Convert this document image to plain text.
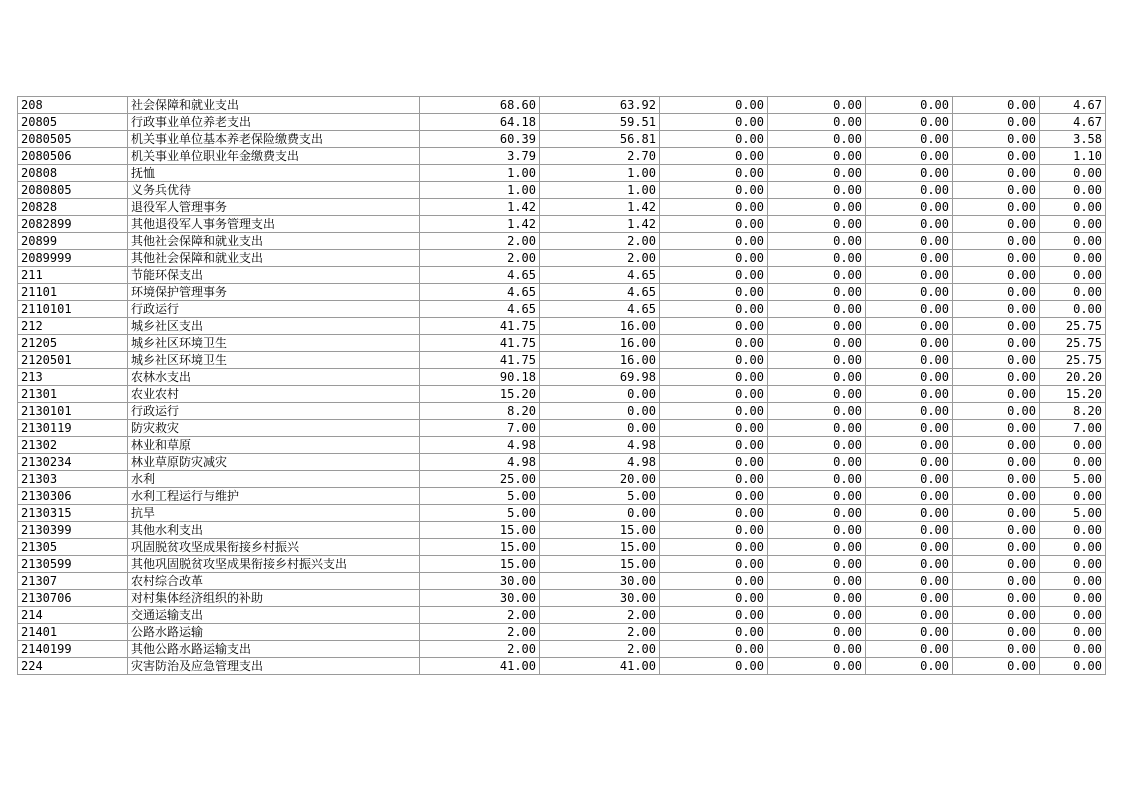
208	社会保障和就业支出	68.60	63.92	0.00	0.00	0.00	0.00	4.67
20805	行政事业单位养老支出	64.18	59.51	0.00	0.00	0.00	0.00	4.67
2080505	机关事业单位基本养老保险缴费支出	60.39	56.81	0.00	0.00	0.00	0.00	3.58
2080506	机关事业单位职业年金缴费支出	3.79	2.70	0.00	0.00	0.00	0.00	1.10
20808	抚恤	1.00	1.00	0.00	0.00	0.00	0.00	0.00
2080805	义务兵优待	1.00	1.00	0.00	0.00	0.00	0.00	0.00
20828	退役军人管理事务	1.42	1.42	0.00	0.00	0.00	0.00	0.00
2082899	其他退役军人事务管理支出	1.42	1.42	0.00	0.00	0.00	0.00	0.00
20899	其他社会保障和就业支出	2.00	2.00	0.00	0.00	0.00	0.00	0.00
2089999	其他社会保障和就业支出	2.00	2.00	0.00	0.00	0.00	0.00	0.00
211	节能环保支出	4.65	4.65	0.00	0.00	0.00	0.00	0.00
21101	环境保护管理事务	4.65	4.65	0.00	0.00	0.00	0.00	0.00
2110101	行政运行	4.65	4.65	0.00	0.00	0.00	0.00	0.00
212	城乡社区支出	41.75	16.00	0.00	0.00	0.00	0.00	25.75
21205	城乡社区环境卫生	41.75	16.00	0.00	0.00	0.00	0.00	25.75
2120501	城乡社区环境卫生	41.75	16.00	0.00	0.00	0.00	0.00	25.75
213	农林水支出	90.18	69.98	0.00	0.00	0.00	0.00	20.20
21301	农业农村	15.20	0.00	0.00	0.00	0.00	0.00	15.20
2130101	行政运行	8.20	0.00	0.00	0.00	0.00	0.00	8.20
2130119	防灾救灾	7.00	0.00	0.00	0.00	0.00	0.00	7.00
21302	林业和草原	4.98	4.98	0.00	0.00	0.00	0.00	0.00
2130234	林业草原防灾减灾	4.98	4.98	0.00	0.00	0.00	0.00	0.00
21303	水利	25.00	20.00	0.00	0.00	0.00	0.00	5.00
2130306	水利工程运行与维护	5.00	5.00	0.00	0.00	0.00	0.00	0.00
2130315	抗旱	5.00	0.00	0.00	0.00	0.00	0.00	5.00
2130399	其他水利支出	15.00	15.00	0.00	0.00	0.00	0.00	0.00
21305	巩固脱贫攻坚成果衔接乡村振兴	15.00	15.00	0.00	0.00	0.00	0.00	0.00
2130599	其他巩固脱贫攻坚成果衔接乡村振兴支出	15.00	15.00	0.00	0.00	0.00	0.00	0.00
21307	农村综合改革	30.00	30.00	0.00	0.00	0.00	0.00	0.00
2130706	对村集体经济组织的补助	30.00	30.00	0.00	0.00	0.00	0.00	0.00
214	交通运输支出	2.00	2.00	0.00	0.00	0.00	0.00	0.00
21401	公路水路运输	2.00	2.00	0.00	0.00	0.00	0.00	0.00
2140199	其他公路水路运输支出	2.00	2.00	0.00	0.00	0.00	0.00	0.00
224	灾害防治及应急管理支出	41.00	41.00	0.00	0.00	0.00	0.00	0.00
